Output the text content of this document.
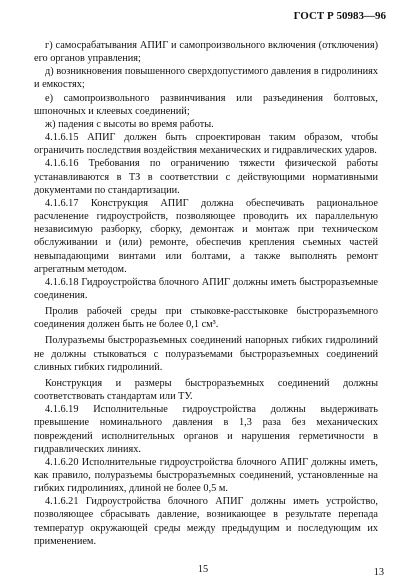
ГОСТ Р 50983—96

г) самосрабатывания АПИГ и самопроизвольного включения (отключения) его органов управления;

д) возникновения повышенного сверхдопустимого давления в гидролиниях и емкостях;

е) самопроизвольного развинчивания или разъединения болтовых, шпоночных и клеевых соединений;

ж) падения с высоты во время работы.

4.1.6.15 АПИГ должен быть спроектирован таким образом, чтобы ограничить последствия воздействия механических и гидравлических ударов.

4.1.6.16 Требования по ограничению тяжести физической работы устанавливаются в ТЗ в соответствии с действующими нормативными документами по стандартизации.

4.1.6.17 Конструкция АПИГ должна обеспечивать рациональное расчленение гидроустройств, позволяющее проводить их параллельную независимую разборку, сборку, демонтаж и монтаж при техническом обслуживании и (или) ремонте, обеспечив крепления съемных частей невыпадающими винтами или болтами, а также выполнять ремонт агрегатным методом.

4.1.6.18 Гидроустройства блочного АПИГ должны иметь быстроразъемные соединения.

Пролив рабочей среды при стыковке-расстыковке быстроразъемного соединения должен быть не более 0,1 см³.

Полуразъемы быстроразъемных соединений напорных гибких гидролиний не должны стыковаться с полуразъемами быстроразъемных соединений сливных гибких гидролиний.

Конструкция и размеры быстроразъемных соединений должны соответствовать стандартам или ТУ.

4.1.6.19 Исполнительные гидроустройства должны выдерживать превышение номинального давления в 1,3 раза без механических повреждений исполнительных органов и нарушения герметичности в гидравлических линиях.

4.1.6.20 Исполнительные гидроустройства блочного АПИГ должны иметь, как правило, полуразъемы быстроразъемных соединений, установленные на гибких гидролиниях, длиной не более 0,5 м.

4.1.6.21 Гидроустройства блочного АПИГ должны иметь устройство, позволяющее сбрасывать давление, возникающее в результате перепада температур окружающей среды между предыдущим и последующим их применением.

15	13
